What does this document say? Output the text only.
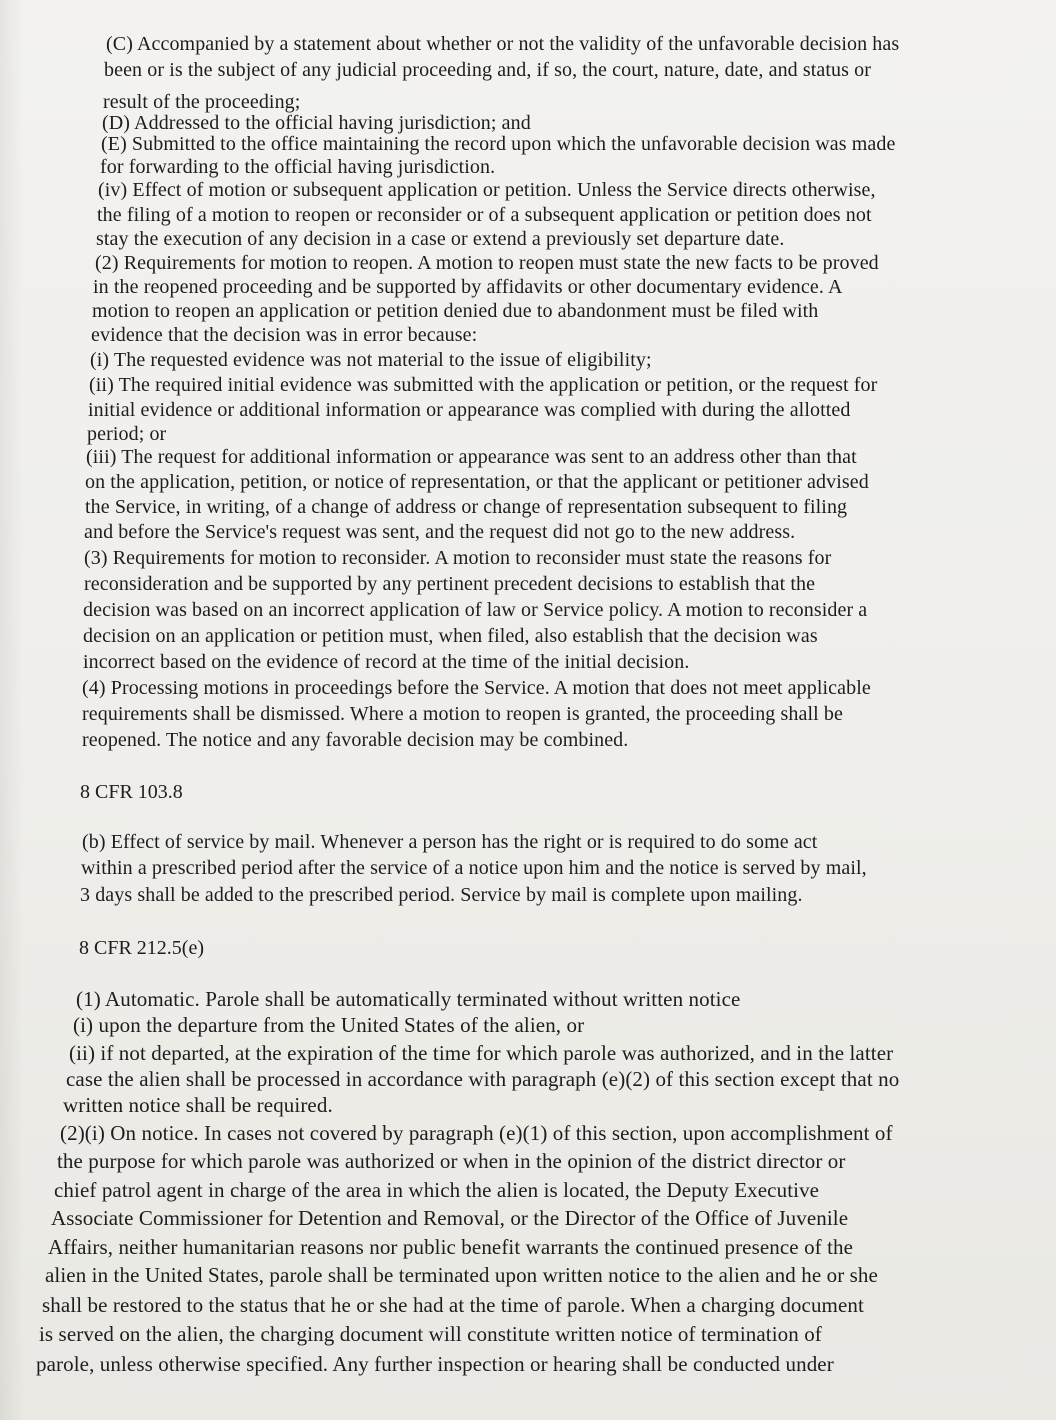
(C) Accompanied by a statement about whether or not the validity of the unfavorable decision has
been or is the subject of any judicial proceeding and, if so, the court, nature, date, and status or
result of the proceeding;
(D) Addressed to the official having jurisdiction; and
(E) Submitted to the office maintaining the record upon which the unfavorable decision was made
for forwarding to the official having jurisdiction.
(iv) Effect of motion or subsequent application or petition. Unless the Service directs otherwise,
the filing of a motion to reopen or reconsider or of a subsequent application or petition does not
stay the execution of any decision in a case or extend a previously set departure date.
(2) Requirements for motion to reopen. A motion to reopen must state the new facts to be proved
in the reopened proceeding and be supported by affidavits or other documentary evidence. A
motion to reopen an application or petition denied due to abandonment must be filed with
evidence that the decision was in error because:
(i) The requested evidence was not material to the issue of eligibility;
(ii) The required initial evidence was submitted with the application or petition, or the request for
initial evidence or additional information or appearance was complied with during the allotted
period; or
(iii) The request for additional information or appearance was sent to an address other than that
on the application, petition, or notice of representation, or that the applicant or petitioner advised
the Service, in writing, of a change of address or change of representation subsequent to filing
and before the Service's request was sent, and the request did not go to the new address.
(3) Requirements for motion to reconsider. A motion to reconsider must state the reasons for
reconsideration and be supported by any pertinent precedent decisions to establish that the
decision was based on an incorrect application of law or Service policy. A motion to reconsider a
decision on an application or petition must, when filed, also establish that the decision was
incorrect based on the evidence of record at the time of the initial decision.
(4) Processing motions in proceedings before the Service. A motion that does not meet applicable
requirements shall be dismissed. Where a motion to reopen is granted, the proceeding shall be
reopened. The notice and any favorable decision may be combined.
8 CFR 103.8
(b) Effect of service by mail. Whenever a person has the right or is required to do some act
within a prescribed period after the service of a notice upon him and the notice is served by mail,
3 days shall be added to the prescribed period. Service by mail is complete upon mailing.
8 CFR 212.5(e)
(1) Automatic. Parole shall be automatically terminated without written notice
(i) upon the departure from the United States of the alien, or
(ii) if not departed, at the expiration of the time for which parole was authorized, and in the latter
case the alien shall be processed in accordance with paragraph (e)(2) of this section except that no
written notice shall be required.
(2)(i) On notice. In cases not covered by paragraph (e)(1) of this section, upon accomplishment of
the purpose for which parole was authorized or when in the opinion of the district director or
chief patrol agent in charge of the area in which the alien is located, the Deputy Executive
Associate Commissioner for Detention and Removal, or the Director of the Office of Juvenile
Affairs, neither humanitarian reasons nor public benefit warrants the continued presence of the
alien in the United States, parole shall be terminated upon written notice to the alien and he or she
shall be restored to the status that he or she had at the time of parole. When a charging document
is served on the alien, the charging document will constitute written notice of termination of
parole, unless otherwise specified. Any further inspection or hearing shall be conducted under
